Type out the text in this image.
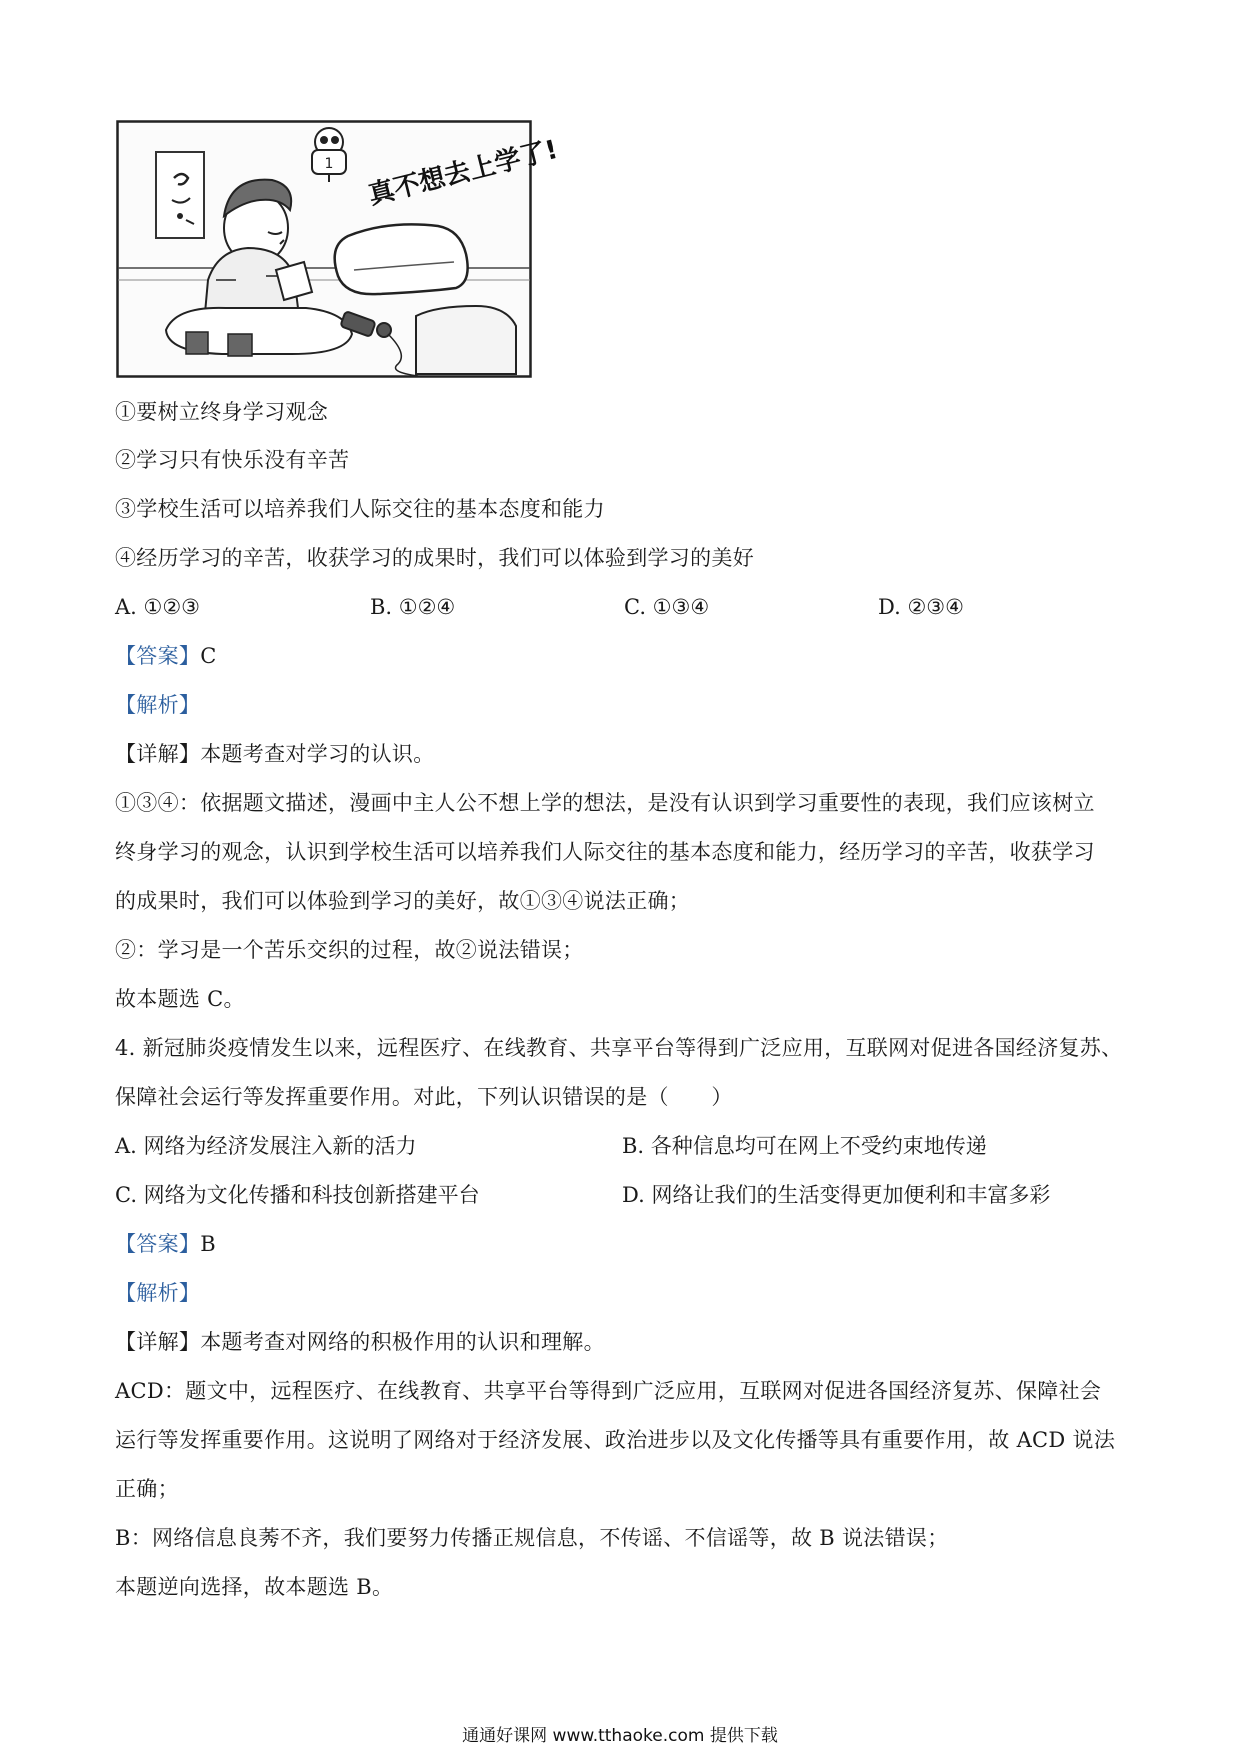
1 真不想去上学了!
①要树立终身学习观念
②学习只有快乐没有辛苦
③学校生活可以培养我们人际交往的基本态度和能力
④经历学习的辛苦，收获学习的成果时，我们可以体验到学习的美好
A. ①②③	B. ①②④	C. ①③④	D. ②③④
【答案】C
【解析】
【详解】本题考查对学习的认识。
①③④：依据题文描述，漫画中主人公不想上学的想法，是没有认识到学习重要性的表现，我们应该树立
终身学习的观念，认识到学校生活可以培养我们人际交往的基本态度和能力，经历学习的辛苦，收获学习
的成果时，我们可以体验到学习的美好，故①③④说法正确；
②：学习是一个苦乐交织的过程，故②说法错误；
故本题选 C。
4. 新冠肺炎疫情发生以来，远程医疗、在线教育、共享平台等得到广泛应用，互联网对促进各国经济复苏、
保障社会运行等发挥重要作用。对此，下列认识错误的是（　　）
A. 网络为经济发展注入新的活力	B. 各种信息均可在网上不受约束地传递
C. 网络为文化传播和科技创新搭建平台	D. 网络让我们的生活变得更加便利和丰富多彩
【答案】B
【解析】
【详解】本题考查对网络的积极作用的认识和理解。
ACD：题文中，远程医疗、在线教育、共享平台等得到广泛应用，互联网对促进各国经济复苏、保障社会
运行等发挥重要作用。这说明了网络对于经济发展、政治进步以及文化传播等具有重要作用，故 ACD 说法
正确；
B：网络信息良莠不齐，我们要努力传播正规信息，不传谣、不信谣等，故 B 说法错误；
本题逆向选择，故本题选 B。
通通好课网 www.tthaoke.com 提供下载
